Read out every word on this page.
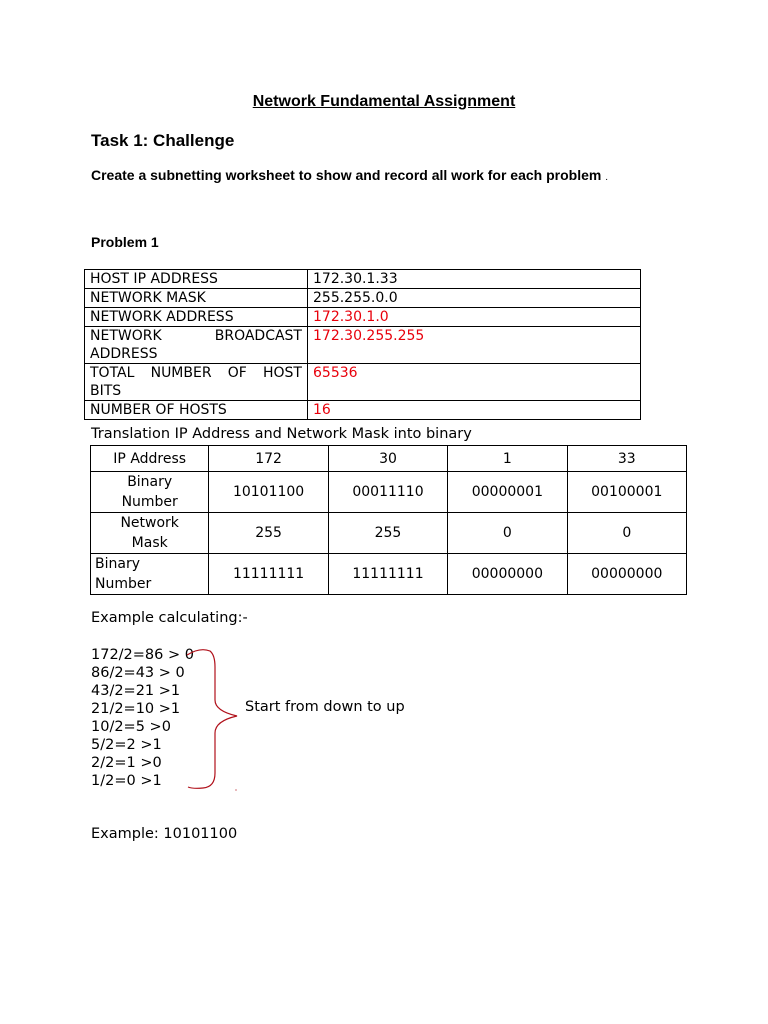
Network Fundamental Assignment
Task 1: Challenge
Create a subnetting worksheet to show and record all work for each problem .
Problem 1
HOST IP ADDRESS	172.30.1.33
NETWORK MASK	255.255.0.0
NETWORK ADDRESS	172.30.1.0

NETWORK BROADCAST
ADDRESS	172.30.255.255

TOTAL NUMBER OF HOST
BITS	65536
NUMBER OF HOSTS	16
Translation IP Address and Network Mask into binary
IP Address	172	30	1	33

Binary
Number	10101100	00011110	00000001	00100001

Network
Mask	255	255	0	0

Binary
Number	11111111	11111111	00000000	00000000
Example calculating:-
172/2=86 > 0
86/2=43 > 0
43/2=21 >1
21/2=10 >1
10/2=5 >0
5/2=2 >1
2/2=1 >0
1/2=0 >1
Start from down to up
Example: 10101100
